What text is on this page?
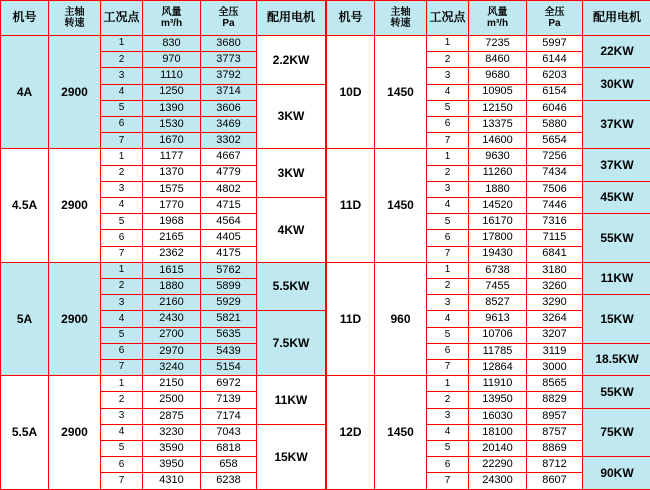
机号	主轴
转速	工况点	风量
m³/h	全压
Pa	配用电机
4A	2900	1	830	3680	2.2KW
		2	970	3773	
		3	1110	3792	
		4	1250	3714	3KW
		5	1390	3606	
		6	1530	3469	
		7	1670	3302	
4.5A	2900	1	1177	4667	3KW
		2	1370	4779	
		3	1575	4802	
		4	1770	4715	4KW
		5	1968	4564	
		6	2165	4405	
		7	2362	4175	
5A	2900	1	1615	5762	5.5KW
		2	1880	5899	
		3	2160	5929	
		4	2430	5821	7.5KW
		5	2700	5635	
		6	2970	5439	
		7	3240	5154	
5.5A	2900	1	2150	6972	11KW
		2	2500	7139	
		3	2875	7174	
		4	3230	7043	15KW
		5	3590	6818	
		6	3950	658	
		7	4310	6238	
机号	主轴
转速	工况点	风量
m³/h	全压
Pa	配用电机
10D	1450	1	7235	5997	22KW
		2	8460	6144	
		3	9680	6203	30KW
		4	10905	6154	
		5	12150	6046	37KW
		6	13375	5880	
		7	14600	5654	
11D	1450	1	9630	7256	37KW
		2	11260	7434	
		3	1880	7506	45KW
		4	14520	7446	
		5	16170	7316	55KW
		6	17800	7115	
		7	19430	6841	
11D	960	1	6738	3180	11KW
		2	7455	3260	
		3	8527	3290	15KW
		4	9613	3264	
		5	10706	3207	
		6	11785	3119	18.5KW
		7	12864	3000	
12D	1450	1	11910	8565	55KW
		2	13950	8829	
		3	16030	8957	75KW
		4	18100	8757	
		5	20140	8869	
		6	22290	8712	90KW
		7	24300	8607	
